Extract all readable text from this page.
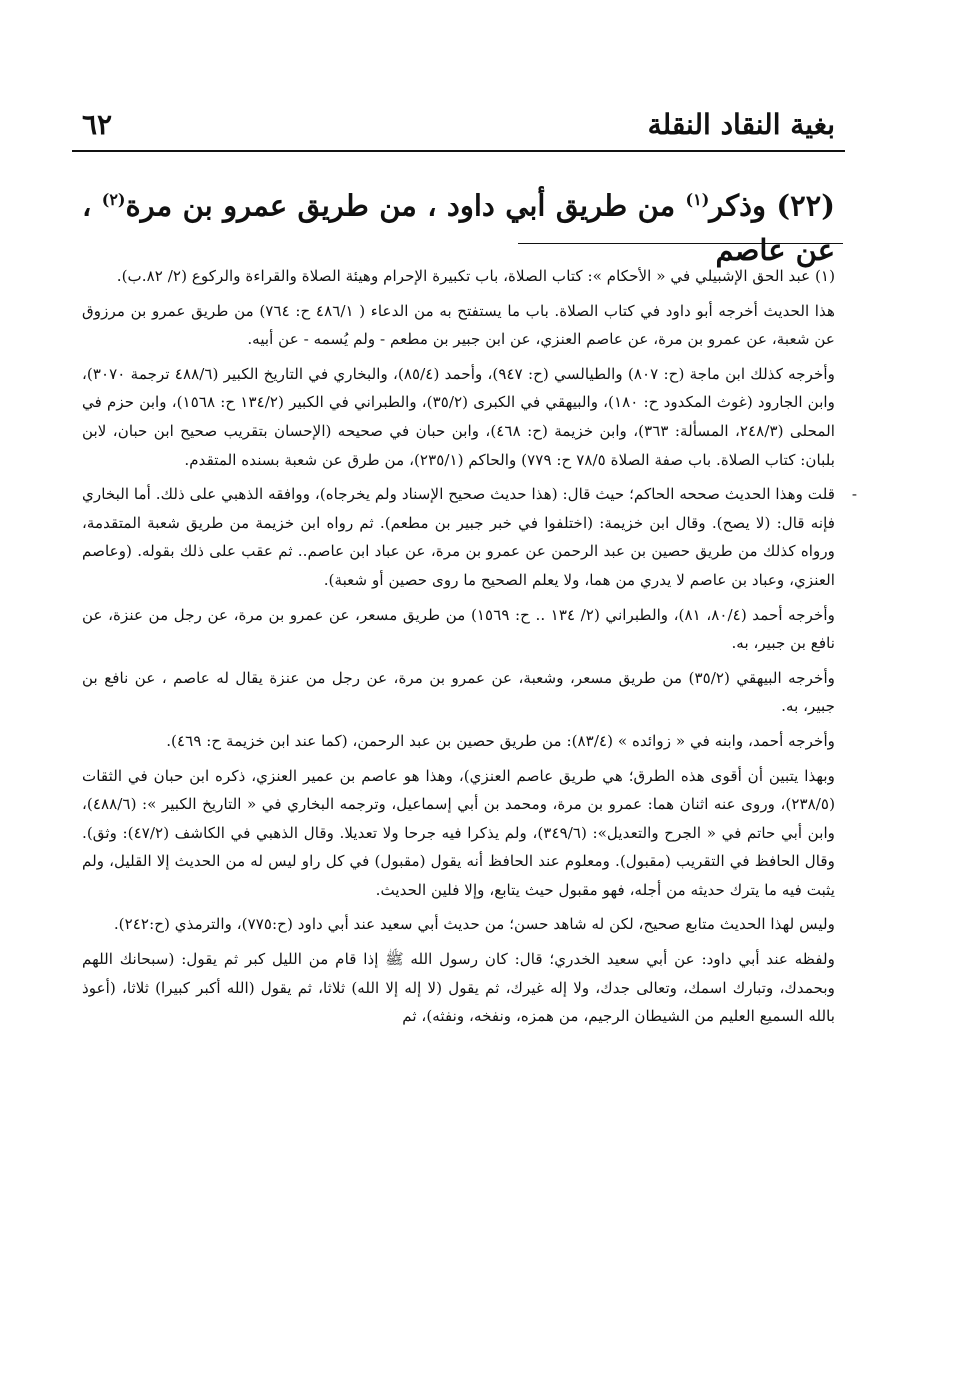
بغية النقاد النقلة
٦٢
(٢٢) وذكر$^{(١)}$ من طريق أبي داود ، من طريق عمرو بن مرة$^{(٢)}$ ، عن عاصم

(١) عبد الحق الإشبيلي في « الأحكام »: كتاب الصلاة، باب تكبيرة الإحرام وهيئة الصلاة والقراءة والركوع (٢/ ٨٢.ب).

هذا الحديث أخرجه أبو داود في كتاب الصلاة. باب ما يستفتح به من الدعاء ( ٤٨٦/١ ح: ٧٦٤) من طريق عمرو بن مرزوق عن شعبة، عن عمرو بن مرة، عن عاصم العنزي، عن ابن جبير بن مطعم - ولم يُسمه - عن أبيه.

وأخرجه كذلك ابن ماجة (ح: ٨٠٧) والطيالسي (ح: ٩٤٧)، وأحمد (٨٥/٤)، والبخاري في التاريخ الكبير (٤٨٨/٦ ترجمة ٣٠٧٠)، وابن الجارود (غوث المكدود ح: ١٨٠)، والبيهقي في الكبرى (٣٥/٢)، والطبراني في الكبير (١٣٤/٢ ح: ١٥٦٨)، وابن حزم في المحلى (٢٤٨/٣، المسألة: ٣٦٣)، وابن خزيمة (ح: ٤٦٨)، وابن حبان في صحيحه (الإحسان بتقريب صحيح ابن حبان، لابن بلبان: كتاب الصلاة. باب صفة الصلاة ٧٨/٥ ح: ٧٧٩) والحاكم (٢٣٥/١)، من طرق عن شعبة بسنده المتقدم.

-
قلت وهذا الحديث صححه الحاكم؛ حيث قال: (هذا حديث صحيح الإسناد ولم يخرجاه)، ووافقه الذهبي على ذلك. أما البخاري فإنه قال: (لا يصح). وقال ابن خزيمة: (اختلفوا في خبر جبير بن مطعم). ثم رواه ابن خزيمة من طريق شعبة المتقدمة، ورواه كذلك من طريق حصين بن عبد الرحمن عن عمرو بن مرة، عن عباد ابن عاصم.. ثم عقب على ذلك بقوله. (وعاصم العنزي، وعباد بن عاصم لا يدري من هما، ولا يعلم الصحيح ما روى حصين أو شعبة).

وأخرجه أحمد (٨٠/٤، ٨١)، والطبراني (٢/ ١٣٤ .. ح: ١٥٦٩) من طريق مسعر، عن عمرو بن مرة، عن رجل من عنزة، عن نافع بن جبير، به.

وأخرجه البيهقي (٣٥/٢) من طريق مسعر، وشعبة، عن عمرو بن مرة، عن رجل من عنزة يقال له عاصم ، عن نافع بن جبير، به.

وأخرجه أحمد، وابنه في « زوائده » (٨٣/٤): من طريق حصين بن عبد الرحمن، (كما عند ابن خزيمة ح: ٤٦٩).

وبهذا يتبين أن أقوى هذه الطرق؛ هي طريق عاصم العنزي)، وهذا هو عاصم بن عمير العنزي، ذكره ابن حبان في الثقات (٢٣٨/٥)، وروى عنه اثنان هما: عمرو بن مرة، ومحمد بن أبي إسماعيل، وترجمه البخاري في « التاريخ الكبير »: (٤٨٨/٦)، وابن أبي حاتم في « الجرح والتعديل»: (٣٤٩/٦)، ولم يذكرا فيه جرحا ولا تعديلا. وقال الذهبي في الكاشف (٤٧/٢): وثق). وقال الحافظ في التقريب (مقبول). ومعلوم عند الحافظ أنه يقول (مقبول) في كل راو ليس له من الحديث إلا القليل، ولم يثبت فيه ما يترك حديثه من أجله، فهو مقبول حيث يتابع، وإلا فلين الحديث.

وليس لهذا الحديث متابع صحيح، لكن له شاهد حسن؛ من حديث أبي سعيد عند أبي داود (ح:٧٧٥)، والترمذي (ح:٢٤٢).

ولفظه عند أبي داود: عن أبي سعيد الخدري؛ قال: كان رسول الله ﷺ إذا قام من الليل كبر ثم يقول: (سبحانك اللهم وبحمدك، وتبارك اسمك، وتعالى جدك، ولا إله غيرك، ثم يقول (لا إله إلا الله) ثلاثا، ثم يقول (الله أكبر كبيرا) ثلاثا، (أعوذ بالله السميع العليم من الشيطان الرجيم، من همزه، ونفخه، ونفثه)، ثم
